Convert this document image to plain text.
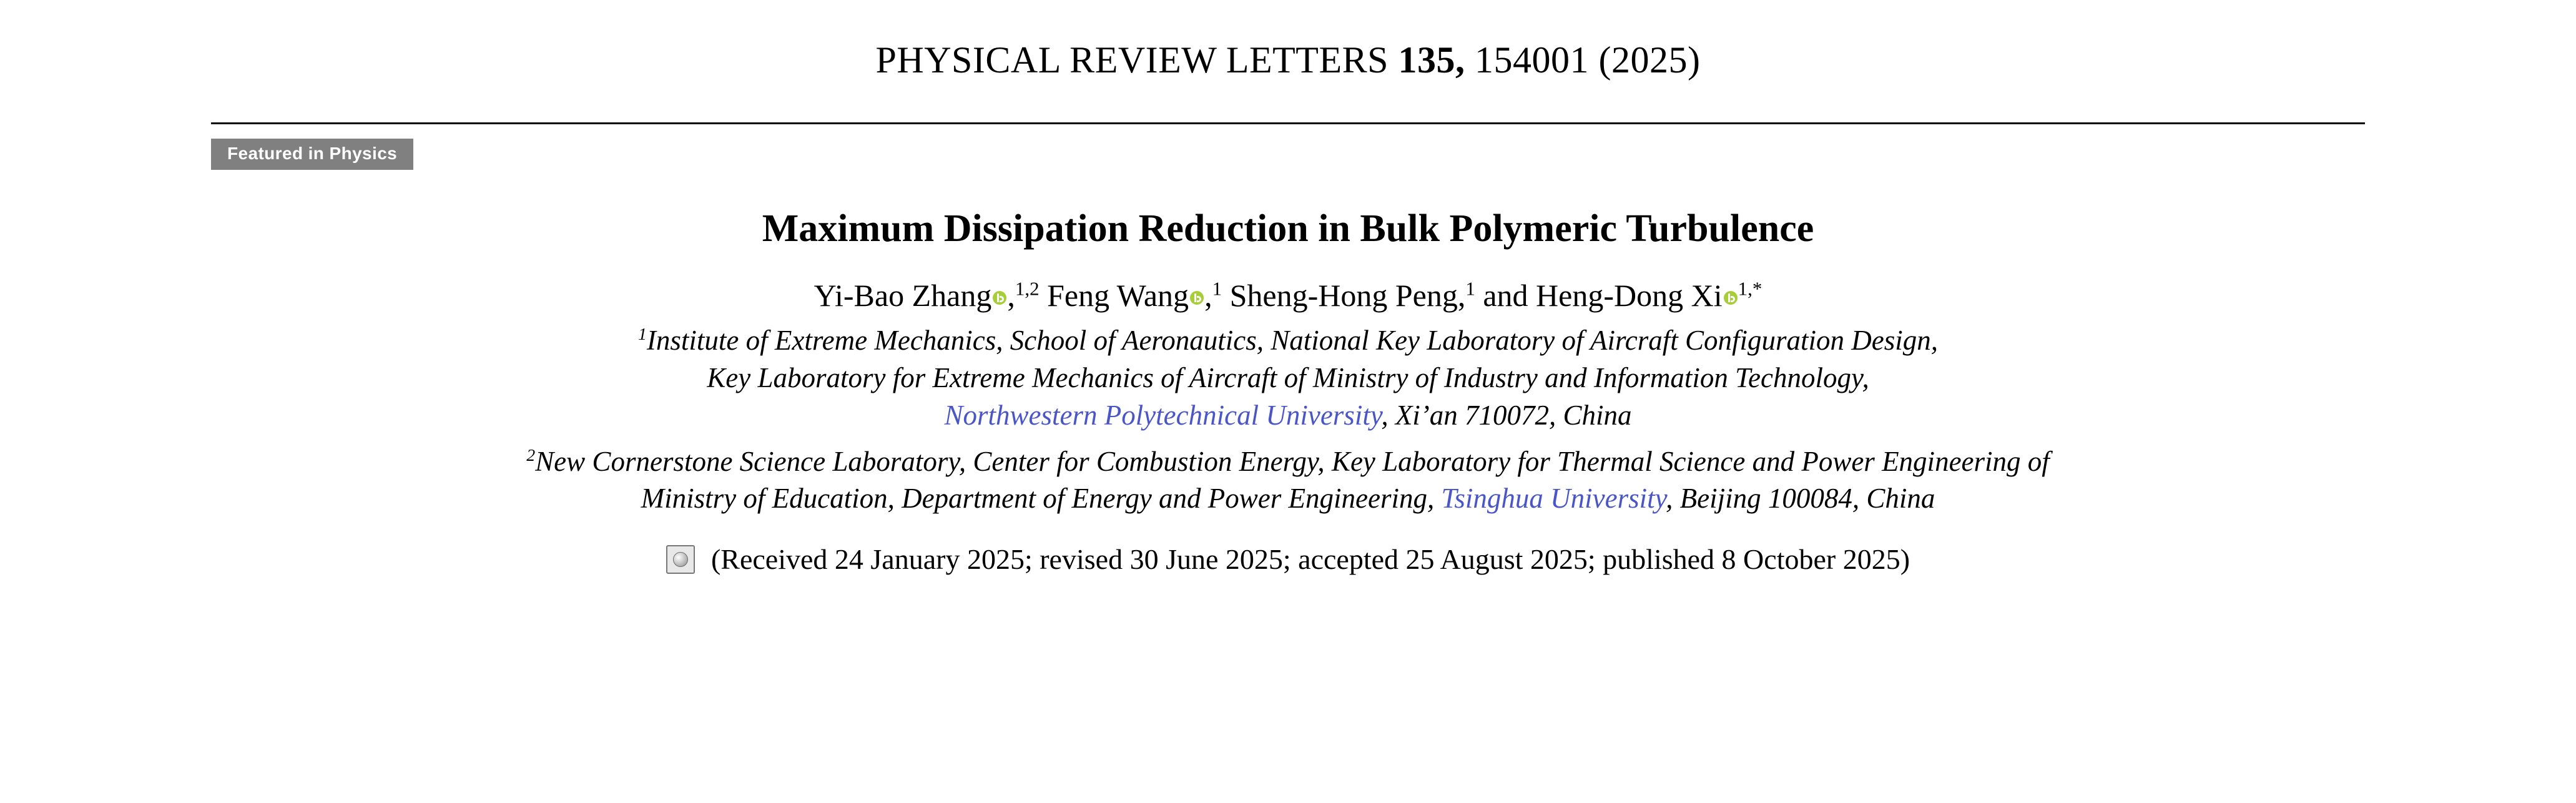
PHYSICAL REVIEW LETTERS 135, 154001 (2025)
Featured in Physics
Maximum Dissipation Reduction in Bulk Polymeric Turbulence
Yi-Bao Zhang ,$^{1,2}$ Feng Wang ,$^1$ Sheng-Hong Peng,$^1$ and Heng-Dong Xi $^{1,*}$
$^1$Institute of Extreme Mechanics, School of Aeronautics, National Key Laboratory of Aircraft Configuration Design,
Key Laboratory for Extreme Mechanics of Aircraft of Ministry of Industry and Information Technology,
Northwestern Polytechnical University, Xi’an 710072, China
$^2$New Cornerstone Science Laboratory, Center for Combustion Energy, Key Laboratory for Thermal Science and Power Engineering of
Ministry of Education, Department of Energy and Power Engineering, Tsinghua University, Beijing 100084, China
(Received 24 January 2025; revised 30 June 2025; accepted 25 August 2025; published 8 October 2025)
